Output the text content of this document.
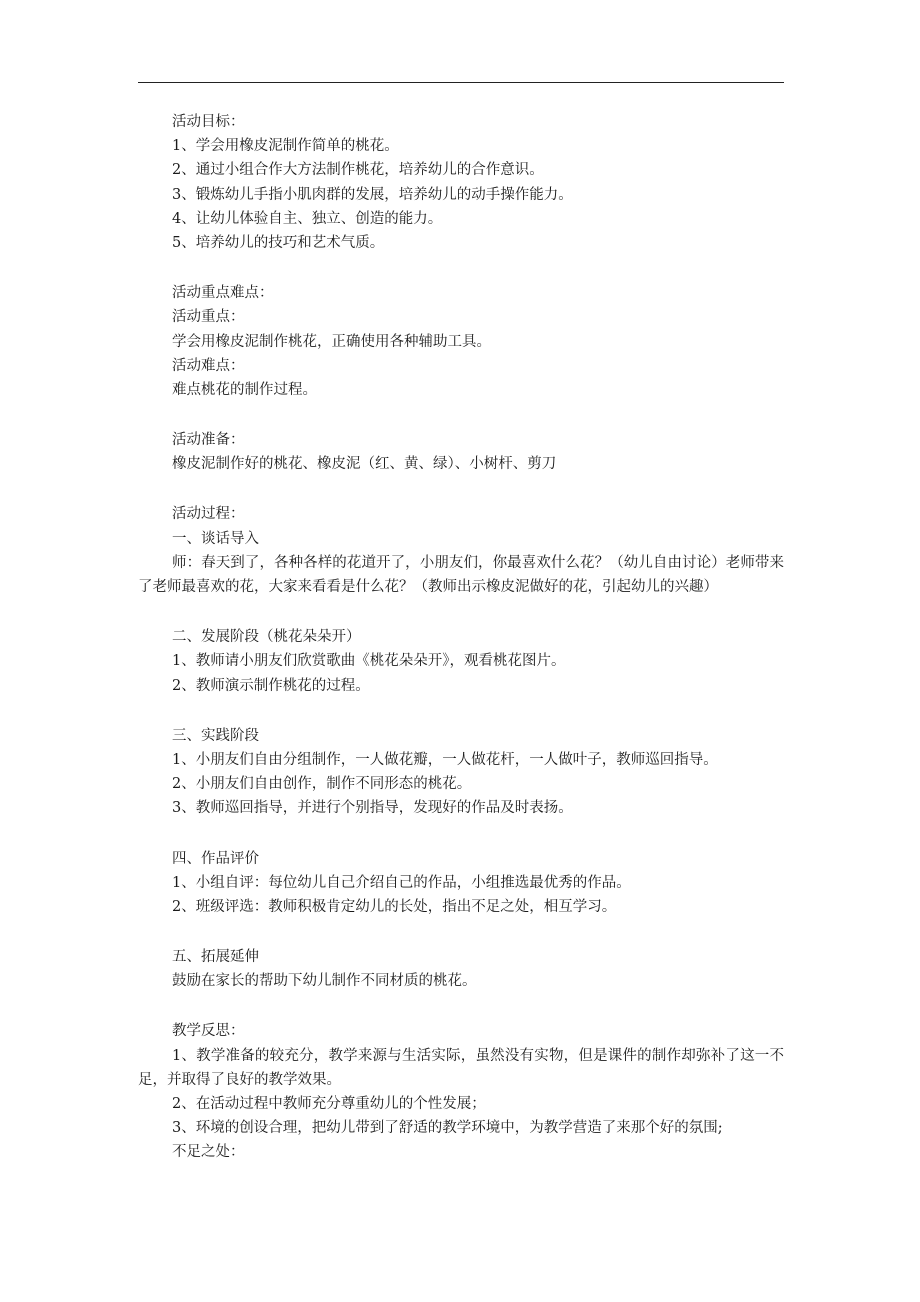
活动目标：
1、学会用橡皮泥制作简单的桃花。
2、通过小组合作大方法制作桃花，培养幼儿的合作意识。
3、锻炼幼儿手指小肌肉群的发展，培养幼儿的动手操作能力。
4、让幼儿体验自主、独立、创造的能力。
5、培养幼儿的技巧和艺术气质。
活动重点难点：
活动重点：
学会用橡皮泥制作桃花，正确使用各种辅助工具。
活动难点：
难点桃花的制作过程。
活动准备：
橡皮泥制作好的桃花、橡皮泥（红、黄、绿）、小树杆、剪刀
活动过程：
一、谈话导入
师：春天到了，各种各样的花道开了，小朋友们，你最喜欢什么花？（幼儿自由讨论）老师带来了老师最喜欢的花，大家来看看是什么花？（教师出示橡皮泥做好的花，引起幼儿的兴趣）
二、发展阶段（桃花朵朵开）
1、教师请小朋友们欣赏歌曲《桃花朵朵开》，观看桃花图片。
2、教师演示制作桃花的过程。
三、实践阶段
1、小朋友们自由分组制作，一人做花瓣，一人做花杆，一人做叶子，教师巡回指导。
2、小朋友们自由创作，制作不同形态的桃花。
3、教师巡回指导，并进行个别指导，发现好的作品及时表扬。
四、作品评价
1、小组自评：每位幼儿自己介绍自己的作品，小组推选最优秀的作品。
2、班级评选：教师积极肯定幼儿的长处，指出不足之处，相互学习。
五、拓展延伸
鼓励在家长的帮助下幼儿制作不同材质的桃花。
教学反思：
1、教学准备的较充分，教学来源与生活实际，虽然没有实物，但是课件的制作却弥补了这一不足，并取得了良好的教学效果。
2、在活动过程中教师充分尊重幼儿的个性发展；
3、环境的创设合理，把幼儿带到了舒适的教学环境中，为教学营造了来那个好的氛围;
不足之处：
